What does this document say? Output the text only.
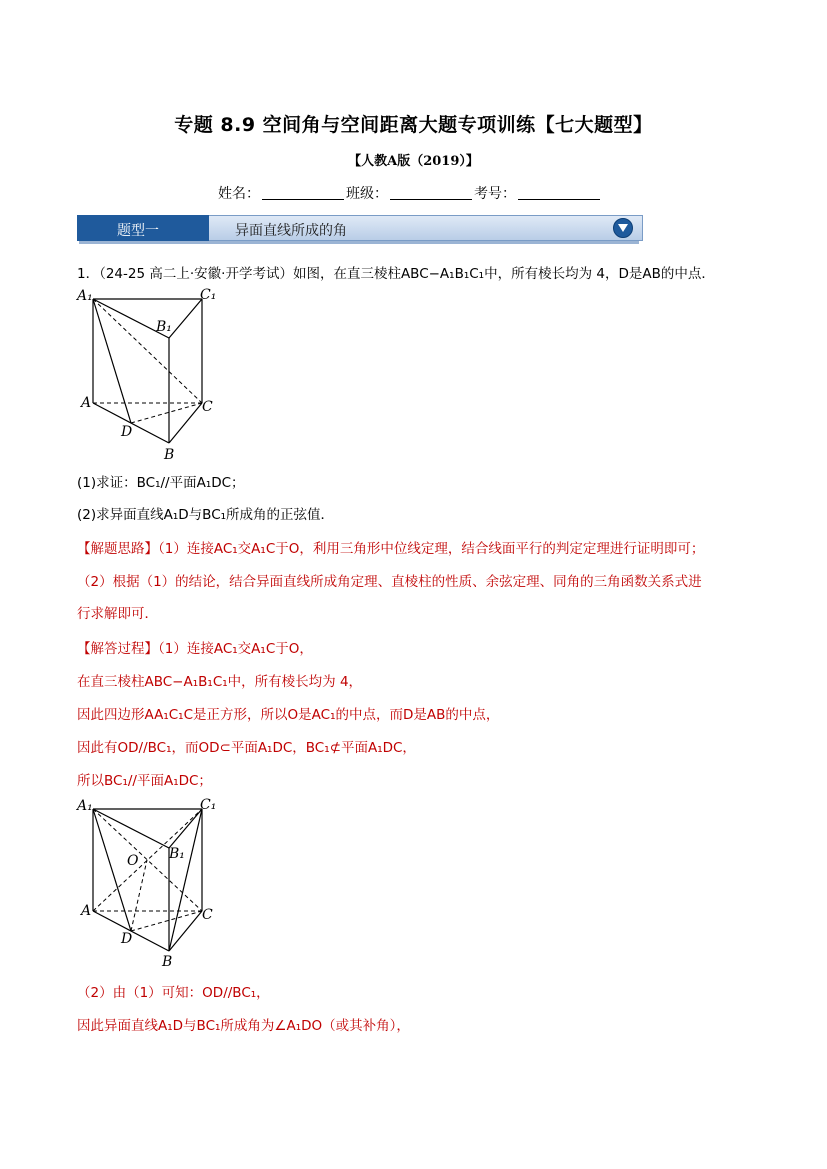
专题 8.9 空间角与空间距离大题专项训练【七大题型】
【人教A版（2019）】
姓名：	班级：	考号：
题型一	异面直线所成的角
1．（24-25 高二上·安徽·开学考试）如图，在直三棱柱ABC−A₁B₁C₁中，所有棱长均为 4，D是AB的中点．
A₁	C₁
B₁
A	C
D
B
(1)求证：BC₁//平面A₁DC；
(2)求异面直线A₁D与BC₁所成角的正弦值．
【解题思路】（1）连接AC₁交A₁C于O，利用三角形中位线定理，结合线面平行的判定定理进行证明即可；
（2）根据（1）的结论，结合异面直线所成角定理、直棱柱的性质、余弦定理、同角的三角函数关系式进
行求解即可．
【解答过程】（1）连接AC₁交A₁C于O，
在直三棱柱ABC−A₁B₁C₁中，所有棱长均为 4，
因此四边形AA₁C₁C是正方形，所以O是AC₁的中点，而D是AB的中点，
因此有OD//BC₁，而OD⊂平面A₁DC，BC₁⊄平面A₁DC，
所以BC₁//平面A₁DC；
A₁	C₁
B₁
O
A	C
D
B
（2）由（1）可知：OD//BC₁，
因此异面直线A₁D与BC₁所成角为∠A₁DO（或其补角），
